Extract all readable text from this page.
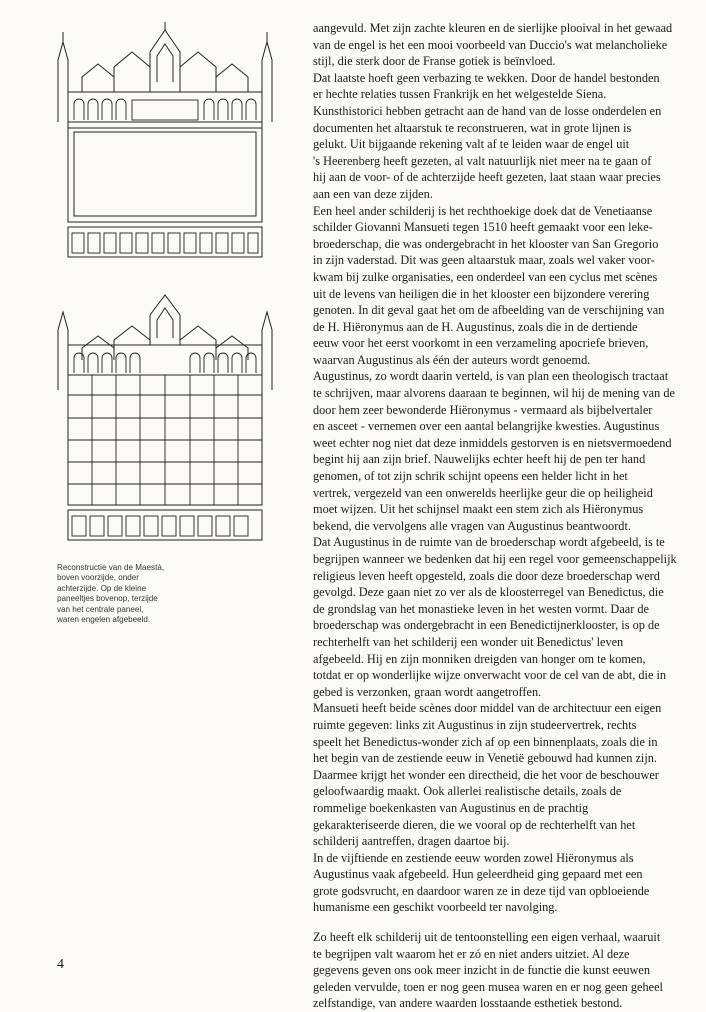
Reconstructie van de Maestà,

boven voorzijde, onder

achterzijde. Op de kleine

paneeltjes bovenop, terzijde

van het centrale paneel,

waren engelen afgebeeld.

aangevuld. Met zijn zachte kleuren en de sierlijke plooival in het gewaad

van de engel is het een mooi voorbeeld van Duccio's wat melancholieke

stijl, die sterk door de Franse gotiek is beïnvloed.

Dat laatste hoeft geen verbazing te wekken. Door de handel bestonden

er hechte relaties tussen Frankrijk en het welgestelde Siena.

Kunsthistorici hebben getracht aan de hand van de losse onderdelen en

documenten het altaarstuk te reconstrueren, wat in grote lijnen is

gelukt. Uit bijgaande rekening valt af te leiden waar de engel uit

's Heerenberg heeft gezeten, al valt natuurlijk niet meer na te gaan of

hij aan de voor- of de achterzijde heeft gezeten, laat staan waar precies

aan een van deze zijden.

Een heel ander schilderij is het rechthoekige doek dat de Venetiaanse

schilder Giovanni Mansueti tegen 1510 heeft gemaakt voor een leke-

broederschap, die was ondergebracht in het klooster van San Gregorio

in zijn vaderstad. Dit was geen altaarstuk maar, zoals wel vaker voor-

kwam bij zulke organisaties, een onderdeel van een cyclus met scènes

uit de levens van heiligen die in het klooster een bijzondere verering

genoten. In dit geval gaat het om de afbeelding van de verschijning van

de H. Hiëronymus aan de H. Augustinus, zoals die in de dertiende

eeuw voor het eerst voorkomt in een verzameling apocriefe brieven,

waarvan Augustinus als één der auteurs wordt genoemd.

Augustinus, zo wordt daarin verteld, is van plan een theologisch tractaat

te schrijven, maar alvorens daaraan te beginnen, wil hij de mening van de

door hem zeer bewonderde Hiëronymus - vermaard als bijbelvertaler

en asceet - vernemen over een aantal belangrijke kwesties. Augustinus

weet echter nog niet dat deze inmiddels gestorven is en nietsvermoedend

begint hij aan zijn brief. Nauwelijks echter heeft hij de pen ter hand

genomen, of tot zijn schrik schijnt opeens een helder licht in het

vertrek, vergezeld van een onwerelds heerlijke geur die op heiligheid

moet wijzen. Uit het schijnsel maakt een stem zich als Hiëronymus

bekend, die vervolgens alle vragen van Augustinus beantwoordt.

Dat Augustinus in de ruimte van de broederschap wordt afgebeeld, is te

begrijpen wanneer we bedenken dat hij een regel voor gemeenschappelijk

religieus leven heeft opgesteld, zoals die door deze broederschap werd

gevolgd. Deze gaan niet zo ver als de kloosterregel van Benedictus, die

de grondslag van het monastieke leven in het westen vormt. Daar de

broederschap was ondergebracht in een Benedictijnerklooster, is op de

rechterhelft van het schilderij een wonder uit Benedictus' leven

afgebeeld. Hij en zijn monniken dreigden van honger om te komen,

totdat er op wonderlijke wijze onverwacht voor de cel van de abt, die in

gebed is verzonken, graan wordt aangetroffen.

Mansueti heeft beide scènes door middel van de architectuur een eigen

ruimte gegeven: links zit Augustinus in zijn studeervertrek, rechts

speelt het Benedictus-wonder zich af op een binnenplaats, zoals die in

het begin van de zestiende eeuw in Venetië gebouwd had kunnen zijn.

Daarmee krijgt het wonder een directheid, die het voor de beschouwer

geloofwaardig maakt. Ook allerlei realistische details, zoals de

rommelige boekenkasten van Augustinus en de prachtig

gekarakteriseerde dieren, die we vooral op de rechterhelft van het

schilderij aantreffen, dragen daartoe bij.

In de vijftiende en zestiende eeuw worden zowel Hiëronymus als

Augustinus vaak afgebeeld. Hun geleerdheid ging gepaard met een

grote godsvrucht, en daardoor waren ze in deze tijd van opbloeiende

humanisme een geschikt voorbeeld ter navolging.

Zo heeft elk schilderij uit de tentoonstelling een eigen verhaal, waaruit

te begrijpen valt waarom het er zó en niet anders uitziet. Al deze

gegevens geven ons ook meer inzicht in de functie die kunst eeuwen

geleden vervulde, toen er nog geen musea waren en er nog geen geheel

zelfstandige, van andere waarden losstaande esthetiek bestond.

4
